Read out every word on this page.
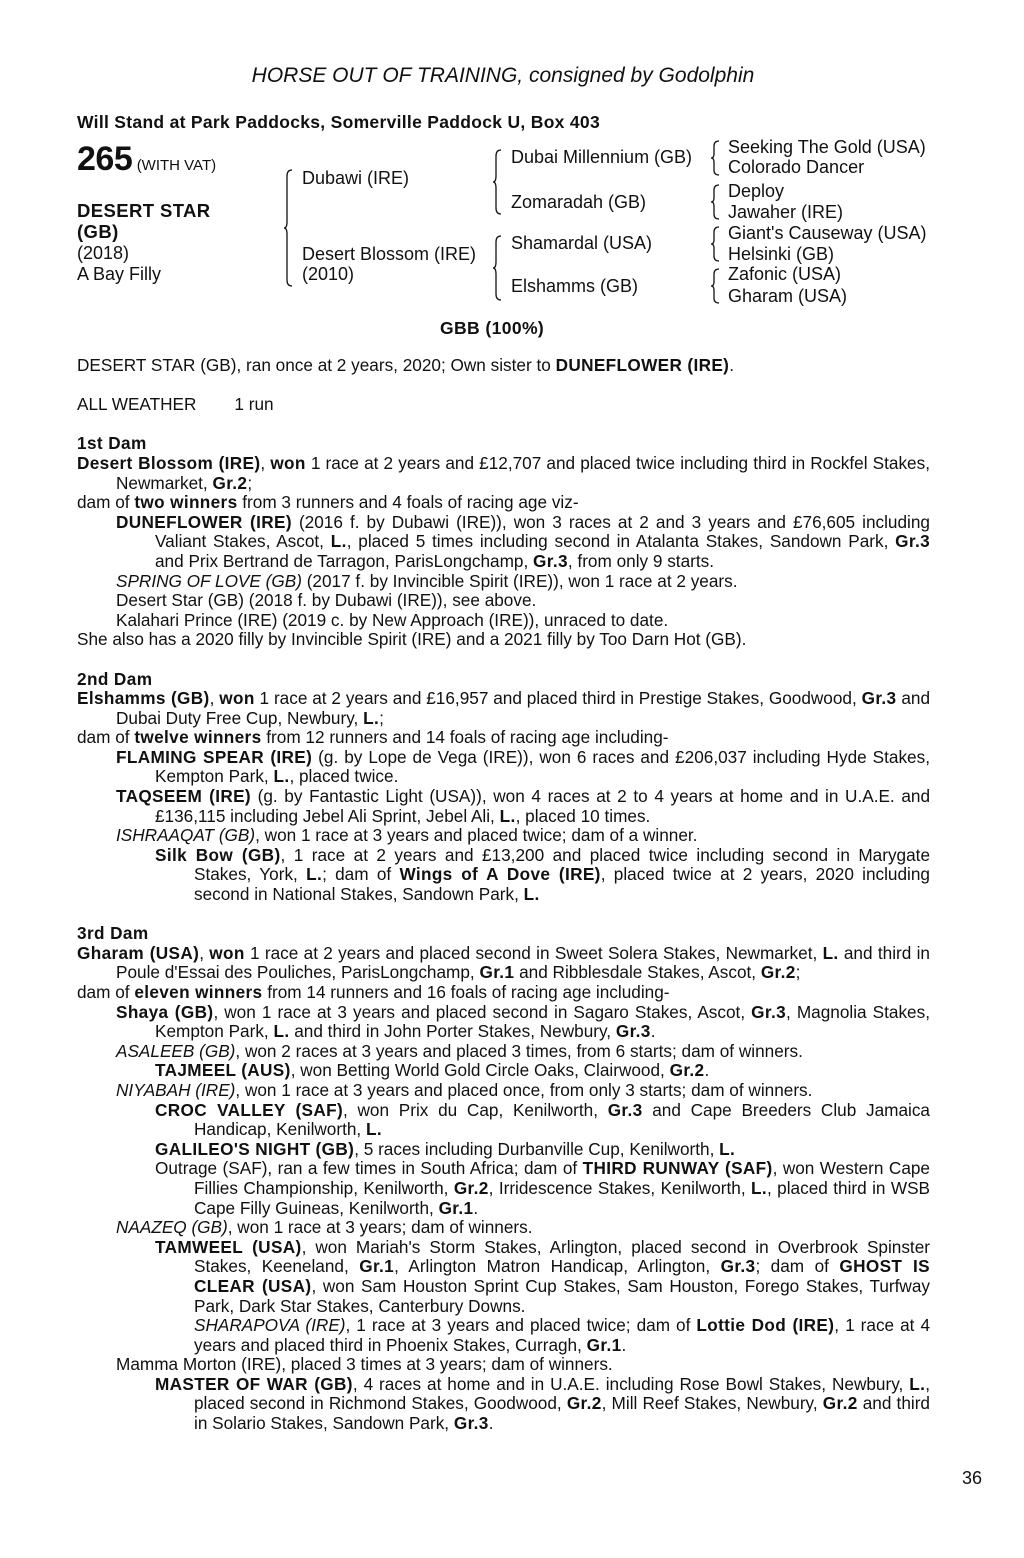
HORSE OUT OF TRAINING, consigned by Godolphin
Will Stand at Park Paddocks, Somerville Paddock U, Box 403
265 (WITH VAT)
DESERT STAR
(GB)
(2018)
A Bay Filly
Dubawi (IRE)
Desert Blossom (IRE)
(2010)
Dubai Millennium (GB)
Zomaradah (GB)
Shamardal (USA)
Elshamms (GB)
Seeking The Gold (USA)
Colorado Dancer
Deploy
Jawaher (IRE)
Giant's Causeway (USA)
Helsinki (GB)
Zafonic (USA)
Gharam (USA)
GBB (100%)

DESERT STAR (GB), ran once at 2 years, 2020; Own sister to DUNEFLOWER (IRE).

ALL WEATHER 1 run

1st Dam

Desert Blossom (IRE), won 1 race at 2 years and £12,707 and placed twice including third in Rockfel Stakes, Newmarket, Gr.2;

dam of two winners from 3 runners and 4 foals of racing age viz-

DUNEFLOWER (IRE) (2016 f. by Dubawi (IRE)), won 3 races at 2 and 3 years and £76,605 including Valiant Stakes, Ascot, L., placed 5 times including second in Atalanta Stakes, Sandown Park, Gr.3 and Prix Bertrand de Tarragon, ParisLongchamp, Gr.3, from only 9 starts.

SPRING OF LOVE (GB) (2017 f. by Invincible Spirit (IRE)), won 1 race at 2 years.

Desert Star (GB) (2018 f. by Dubawi (IRE)), see above.

Kalahari Prince (IRE) (2019 c. by New Approach (IRE)), unraced to date.

She also has a 2020 filly by Invincible Spirit (IRE) and a 2021 filly by Too Darn Hot (GB).

2nd Dam

Elshamms (GB), won 1 race at 2 years and £16,957 and placed third in Prestige Stakes, Goodwood, Gr.3 and Dubai Duty Free Cup, Newbury, L.;

dam of twelve winners from 12 runners and 14 foals of racing age including-

FLAMING SPEAR (IRE) (g. by Lope de Vega (IRE)), won 6 races and £206,037 including Hyde Stakes, Kempton Park, L., placed twice.

TAQSEEM (IRE) (g. by Fantastic Light (USA)), won 4 races at 2 to 4 years at home and in U.A.E. and £136,115 including Jebel Ali Sprint, Jebel Ali, L., placed 10 times.

ISHRAAQAT (GB), won 1 race at 3 years and placed twice; dam of a winner.

Silk Bow (GB), 1 race at 2 years and £13,200 and placed twice including second in Marygate Stakes, York, L.; dam of Wings of A Dove (IRE), placed twice at 2 years, 2020 including second in National Stakes, Sandown Park, L.

3rd Dam

Gharam (USA), won 1 race at 2 years and placed second in Sweet Solera Stakes, Newmarket, L. and third in Poule d'Essai des Pouliches, ParisLongchamp, Gr.1 and Ribblesdale Stakes, Ascot, Gr.2;

dam of eleven winners from 14 runners and 16 foals of racing age including-

Shaya (GB), won 1 race at 3 years and placed second in Sagaro Stakes, Ascot, Gr.3, Magnolia Stakes, Kempton Park, L. and third in John Porter Stakes, Newbury, Gr.3.

ASALEEB (GB), won 2 races at 3 years and placed 3 times, from 6 starts; dam of winners.

TAJMEEL (AUS), won Betting World Gold Circle Oaks, Clairwood, Gr.2.

NIYABAH (IRE), won 1 race at 3 years and placed once, from only 3 starts; dam of winners.

CROC VALLEY (SAF), won Prix du Cap, Kenilworth, Gr.3 and Cape Breeders Club Jamaica Handicap, Kenilworth, L.

GALILEO'S NIGHT (GB), 5 races including Durbanville Cup, Kenilworth, L.

Outrage (SAF), ran a few times in South Africa; dam of THIRD RUNWAY (SAF), won Western Cape Fillies Championship, Kenilworth, Gr.2, Irridescence Stakes, Kenilworth, L., placed third in WSB Cape Filly Guineas, Kenilworth, Gr.1.

NAAZEQ (GB), won 1 race at 3 years; dam of winners.

TAMWEEL (USA), won Mariah's Storm Stakes, Arlington, placed second in Overbrook Spinster Stakes, Keeneland, Gr.1, Arlington Matron Handicap, Arlington, Gr.3; dam of GHOST IS CLEAR (USA), won Sam Houston Sprint Cup Stakes, Sam Houston, Forego Stakes, Turfway Park, Dark Star Stakes, Canterbury Downs.

SHARAPOVA (IRE), 1 race at 3 years and placed twice; dam of Lottie Dod (IRE), 1 race at 4 years and placed third in Phoenix Stakes, Curragh, Gr.1.

Mamma Morton (IRE), placed 3 times at 3 years; dam of winners.

MASTER OF WAR (GB), 4 races at home and in U.A.E. including Rose Bowl Stakes, Newbury, L., placed second in Richmond Stakes, Goodwood, Gr.2, Mill Reef Stakes, Newbury, Gr.2 and third in Solario Stakes, Sandown Park, Gr.3.

36
